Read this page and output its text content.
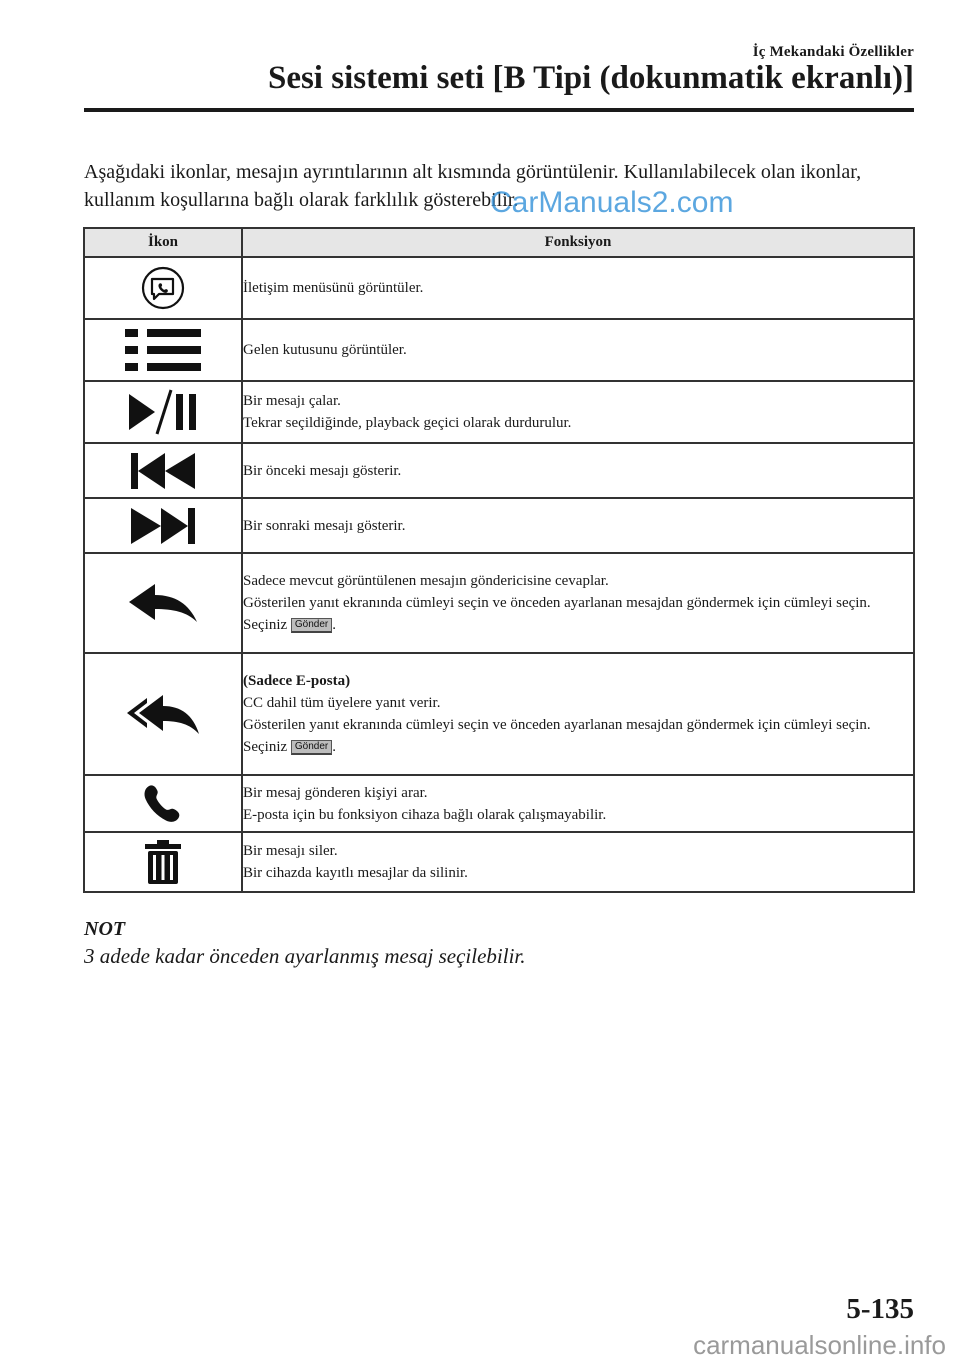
İç Mekandaki Özellikler
Sesi sistemi seti [B Tipi (dokunmatik ekranlı)]

Aşağıdaki ikonlar, mesajın ayrıntılarının alt kısmında görüntülenir. Kullanılabilecek olan ikonlar, kullanım koşullarına bağlı olarak farklılık gösterebilir.

CarManuals2.com
İkon	Fonksiyon

İletişim menüsünü görüntüler.

Gelen kutusunu görüntüler.

Bir mesajı çalar.
Tekrar seçildiğinde, playback geçici olarak durdurulur.

Bir önceki mesajı gösterir.

Bir sonraki mesajı gösterir.

Sadece mevcut görüntülenen mesajın göndericisine cevaplar.
Gösterilen yanıt ekranında cümleyi seçin ve önceden ayarlanan mesajdan göndermek için cümleyi seçin.
Seçiniz Gönder .

(Sadece E-posta)
CC dahil tüm üyelere yanıt verir.
Gösterilen yanıt ekranında cümleyi seçin ve önceden ayarlanan mesajdan göndermek için cümleyi seçin.
Seçiniz Gönder .

Bir mesaj gönderen kişiyi arar.
E-posta için bu fonksiyon cihaza bağlı olarak çalışmayabilir.

Bir mesajı siler.
Bir cihazda kayıtlı mesajlar da silinir.
NOT
3 adede kadar önceden ayarlanmış mesaj seçilebilir.
5-135
carmanualsonline.info
